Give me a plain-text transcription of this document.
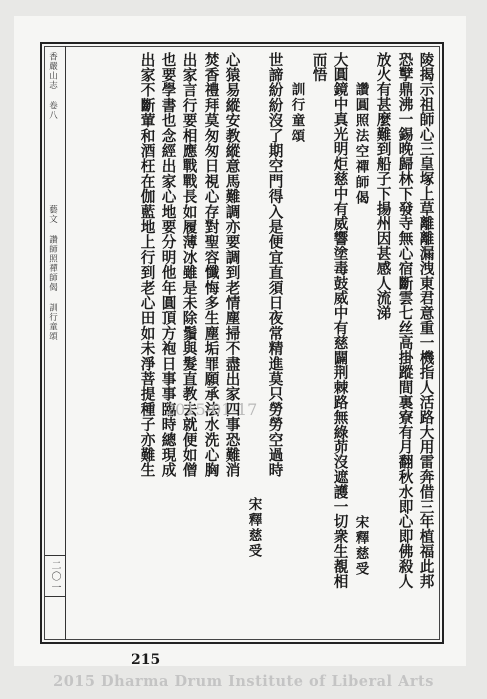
香嚴山志 卷八
藝文 讚師照禪師偈 訓行童頌
二〇一	陵揭示祖師心三皇塚上草離離漏洩東君意重一機指人活路大用雷奔借三年植福此邦
恐孼鼎沸一錫晚歸林下發寺無心宿斷雲七丝高掛蹤間裏寮有月翻秋水即心即佛殺人
放火有甚麼難到船子下揚州因甚感人流涕
讚圓照法空禪師偈
宋釋慈受
大圓鏡中真光明炬慈中有威響塗毒鼓威中有慈闢荆棘路無綠茆沒遮護一切衆生覩相
而悟
訓行童頌
宋釋慈受
世諦紛紛沒了期空門得入是便宜直須日夜常精進莫只勞勞空過時
心猿易縱安教縱意馬難調亦要調到老情塵掃不盡出家四事恐難消
焚香禮拜莫匆匆日視心存對聖容懺悔多生塵垢罪願承法水洗心胸
出家言行要相應戰戰長如履薄冰雖是未除鬚與髮直教去就便如僧
也要學書也念經出家心地要分明他年圓頂方袍日事事臨時總現成
出家不斷葷和酒枉在伽藍地上行到老心田如未淨菩提種子亦難生 2015-01-17
215
2015 Dharma Drum Institute of Liberal Arts
